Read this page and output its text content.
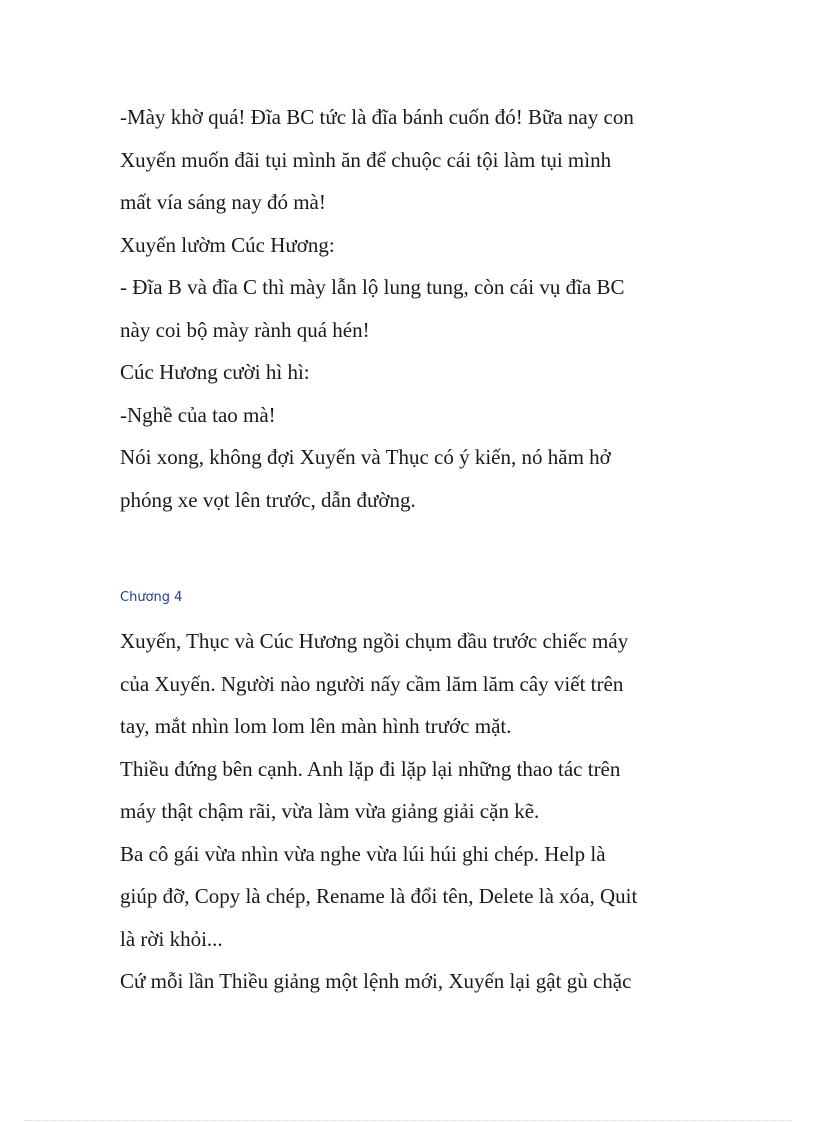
-Mày khờ quá! Đĩa BC tức là đĩa bánh cuốn đó! Bữa nay con
Xuyến muốn đãi tụi mình ăn để chuộc cái tội làm tụi mình
mất vía sáng nay đó mà!
Xuyến lườm Cúc Hương:
- Đĩa B và đĩa C thì mày lẫn lộ lung tung, còn cái vụ đĩa BC
này coi bộ mày rành quá hén!
Cúc Hương cười hì hì:
-Nghề của tao mà!
Nói xong, không đợi Xuyến và Thục có ý kiến, nó hăm hở
phóng xe vọt lên trước, dẫn đường.
Chương 4
Xuyến, Thục và Cúc Hương ngồi chụm đầu trước chiếc máy
của Xuyến. Người nào người nấy cầm lăm lăm cây viết trên
tay, mắt nhìn lom lom lên màn hình trước mặt.
Thiều đứng bên cạnh. Anh lặp đi lặp lại những thao tác trên
máy thật chậm rãi, vừa làm vừa giảng giải cặn kẽ.
Ba cô gái vừa nhìn vừa nghe vừa lúi húi ghi chép. Help là
giúp đỡ, Copy là chép, Rename là đổi tên, Delete là xóa, Quit
là rời khỏi...
Cứ mỗi lần Thiều giảng một lệnh mới, Xuyến lại gật gù chặc
